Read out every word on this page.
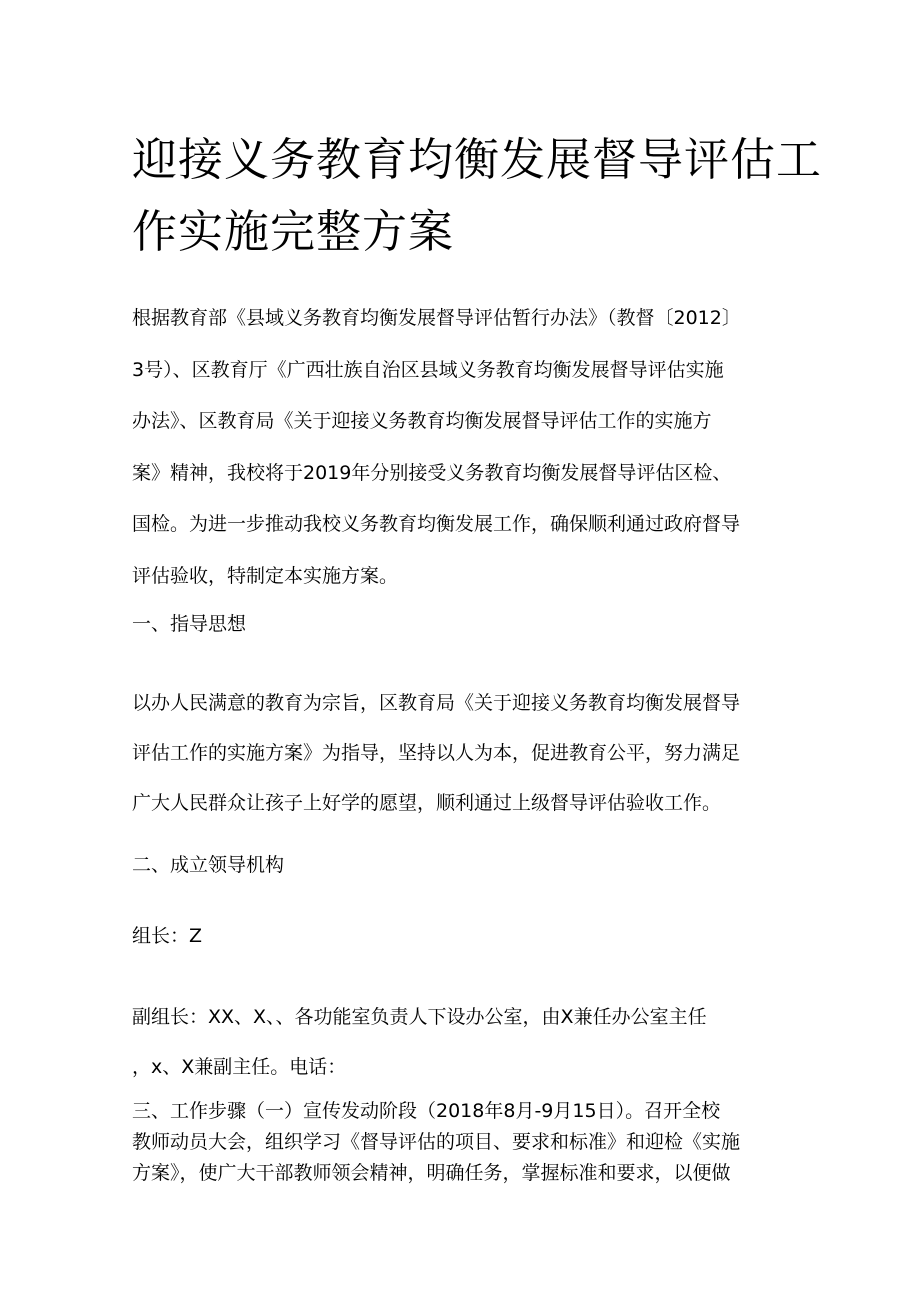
迎接义务教育均衡发展督导评估工
作实施完整方案

根据教育部《县域义务教育均衡发展督导评估暂行办法》（教督〔2012〕
3号）、区教育厅《广西壮族自治区县域义务教育均衡发展督导评估实施
办法》、区教育局《关于迎接义务教育均衡发展督导评估工作的实施方
案》精神，我校将于2019年分别接受义务教育均衡发展督导评估区检、
国检。为进一步推动我校义务教育均衡发展工作，确保顺利通过政府督导
评估验收，特制定本实施方案。

一、指导思想

以办人民满意的教育为宗旨，区教育局《关于迎接义务教育均衡发展督导
评估工作的实施方案》为指导，坚持以人为本，促进教育公平，努力满足
广大人民群众让孩子上好学的愿望，顺利通过上级督导评估验收工作。

二、成立领导机构

组长：Z

副组长：XX、X、、各功能室负责人下设办公室，由X兼任办公室主任
，x、X兼副主任。电话：

三、工作步骤（一）宣传发动阶段（2018年8月-9月15日）。召开全校
教师动员大会，组织学习《督导评估的项目、要求和标准》和迎检《实施
方案》，使广大干部教师领会精神，明确任务，掌握标准和要求，以便做
